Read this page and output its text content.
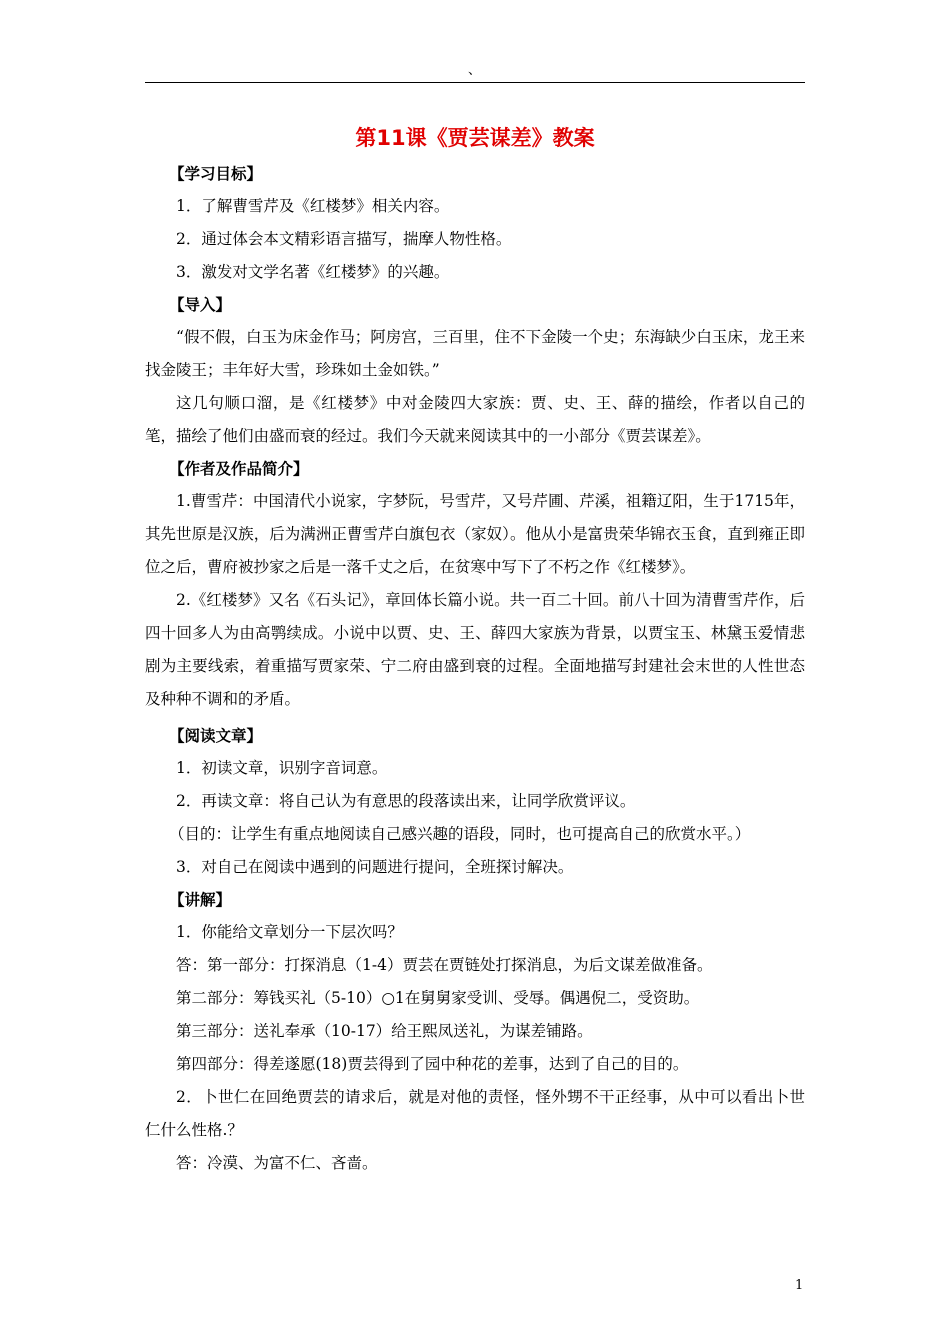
、
第11课《贾芸谋差》教案

【学习目标】

1．了解曹雪芹及《红楼梦》相关内容。

2．通过体会本文精彩语言描写，揣摩人物性格。

3．激发对文学名著《红楼梦》的兴趣。

【导入】

“假不假，白玉为床金作马；阿房宫，三百里，住不下金陵一个史；东海缺少白玉床，龙王来找金陵王；丰年好大雪，珍珠如土金如铁。”

这几句顺口溜，是《红楼梦》中对金陵四大家族：贾、史、王、薛的描绘，作者以自己的笔，描绘了他们由盛而衰的经过。我们今天就来阅读其中的一小部分《贾芸谋差》。

【作者及作品简介】

1.曹雪芹：中国清代小说家，字梦阮，号雪芹，又号芹圃、芹溪，祖籍辽阳，生于1715年，其先世原是汉族，后为满洲正曹雪芹白旗包衣（家奴）。他从小是富贵荣华锦衣玉食，直到雍正即位之后，曹府被抄家之后是一落千丈之后，在贫寒中写下了不朽之作《红楼梦》。

2.《红楼梦》又名《石头记》，章回体长篇小说。共一百二十回。前八十回为清曹雪芹作，后四十回多人为由高鹗续成。小说中以贾、史、王、薛四大家族为背景，以贾宝玉、林黛玉爱情悲剧为主要线索，着重描写贾家荣、宁二府由盛到衰的过程。全面地描写封建社会末世的人性世态及种种不调和的矛盾。

【阅读文章】

1．初读文章，识别字音词意。

2．再读文章：将自己认为有意思的段落读出来，让同学欣赏评议。

（目的：让学生有重点地阅读自己感兴趣的语段，同时，也可提高自己的欣赏水平。）

3．对自己在阅读中遇到的问题进行提问，全班探讨解决。

【讲解】

1．你能给文章划分一下层次吗？

答：第一部分：打探消息（1-4）贾芸在贾链处打探消息，为后文谋差做准备。

第二部分：筹钱买礼（5-10）○1在舅舅家受训、受辱。偶遇倪二，受资助。

第三部分：送礼奉承（10-17）给王熙凤送礼，为谋差铺路。

第四部分：得差遂愿(18)贾芸得到了园中种花的差事，达到了自己的目的。

2．卜世仁在回绝贾芸的请求后，就是对他的责怪，怪外甥不干正经事，从中可以看出卜世仁什么性格.？

答：冷漠、为富不仁、吝啬。

1
